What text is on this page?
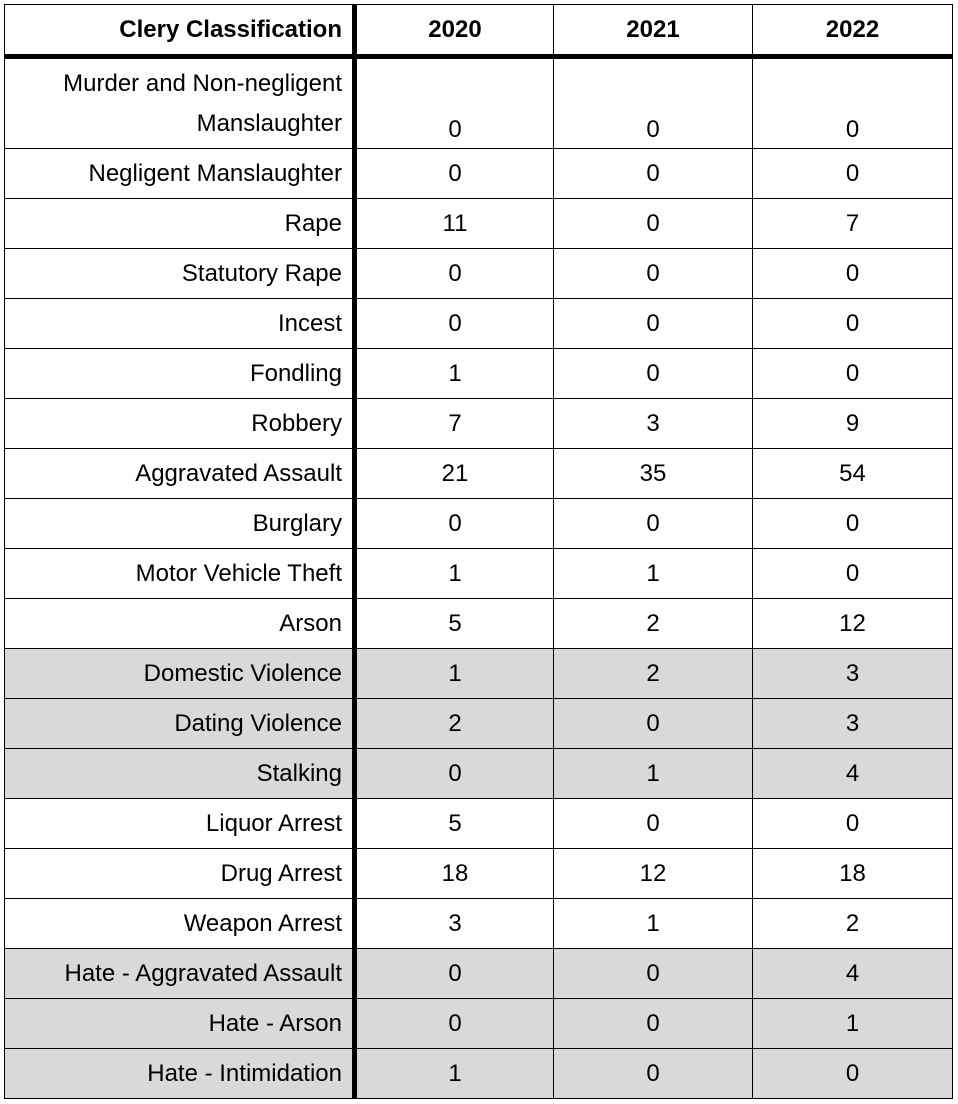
Clery Classification	2020	2021	2022
Murder and Non-negligent Manslaughter	0	0	0
Negligent Manslaughter	0	0	0
Rape	11	0	7
Statutory Rape	0	0	0
Incest	0	0	0
Fondling	1	0	0
Robbery	7	3	9
Aggravated Assault	21	35	54
Burglary	0	0	0
Motor Vehicle Theft	1	1	0
Arson	5	2	12
Domestic Violence	1	2	3
Dating Violence	2	0	3
Stalking	0	1	4
Liquor Arrest	5	0	0
Drug Arrest	18	12	18
Weapon Arrest	3	1	2
Hate - Aggravated Assault	0	0	4
Hate - Arson	0	0	1
Hate - Intimidation	1	0	0
